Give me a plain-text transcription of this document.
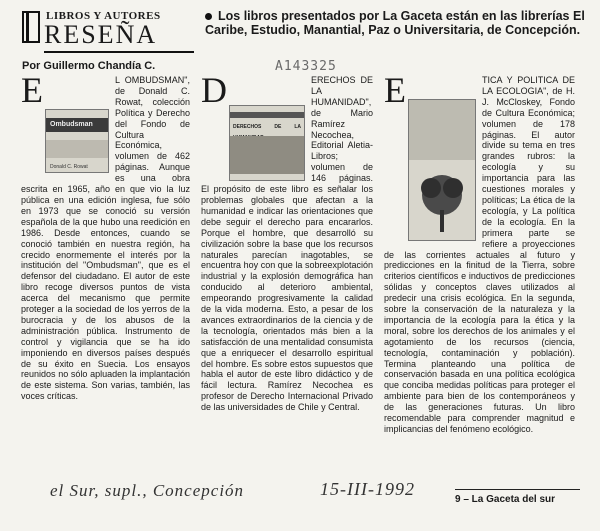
LIBROS Y AUTORES
RESEÑA
Por Guillermo Chandía C.
Los libros presentados por La Gaceta están en las librerías El Caribe, Estudio, Manantial, Paz o Universitaria, de Concepción.
A143325
E
Ombudsman
Donald C. Rowat

L OMBUDSMAN", de Donald C. Rowat, colección Política y Derecho del Fondo de Cultura Económica, volumen de 462 páginas. Aunque es una obra escrita en 1965, año en que vio la luz pública en una edición inglesa, fue sólo en 1973 que se conoció su versión española de la que hubo una reedición en 1986. Desde entonces, cuando se conoció también en nuestra región, ha crecido enormemente el interés por la institución del "Ombudsman", que es el defensor del ciudadano. El autor de este libro recoge diversos puntos de vista acerca del mecanismo que permite proteger a la sociedad de los yerros de la burocracia y de los abusos de la administración pública. Instrumento de control y vigilancia que se ha ido imponiendo en diversos países después de su éxito en Suecia. Los ensayos reunidos no sólo apluaden la implantación de este sistema. Son varias, también, las voces críticas.

D
DERECHOS DE LA

ERECHOS DE LA HUMANIDAD", de Mario Ramírez Necochea, Editorial Aletia-Libros; volumen de 146 páginas. El propósito de este libro es señalar los problemas globales que afectan a la humanidad e indicar las orientaciones que debe seguir el derecho para encararlos. Porque el hombre, que desarrolló su civilización sobre la base que los recursos naturales parecían inagotables, se encuentra hoy con que la sobreexplotación industrial y la explosión demográfica han conducido al deterioro ambiental, empeorando progresivamente la calidad de la vida moderna. Esto, a pesar de los avances extraordinarios de la ciencia y de la tecnología, orientados más bien a la satisfacción de una mentalidad consumista que a enriquecer el desarrollo espiritual del hombre. Es sobre estos supuestos que habla el autor de este libro didáctico y de fácil lectura. Ramírez Necochea es profesor de Derecho Internacional Privado de las universidades de Chile y Central.

E	TICA Y POLITICA DE LA ECOLOGIA", de H. J. McCloskey, Fondo de Cultura Económica; volumen de 178 páginas. El autor divide su tema en tres grandes rubros: la ecología y su importancia para las cuestiones morales y políticas; La ética de la ecología, y La política de la ecología. En la primera parte se refiere a proyecciones de las corrientes actuales al futuro y predicciones en la finitud de la Tierra, sobre criterios científicos e inductivos de predicciones sólidas y conceptos claves utilizados al predecir una crisis ecológica. En la segunda, sobre la conservación de la naturaleza y la importancia de la ecología para la ética y la moral, sobre los derechos de los animales y el agotamiento de los recursos (ciencia, tecnología, contaminación y población). Termina planteando una política de conservación basada en una política ecológica que conciba medidas políticas para proteger el ambiente para bien de los contemporáneos y de las generaciones futuras. Un libro recomendable para comprender magnitud e implicancias del fenómeno ecológico.

el Sur, supl., Concepción	15-III-1992
9 – La Gaceta del sur
